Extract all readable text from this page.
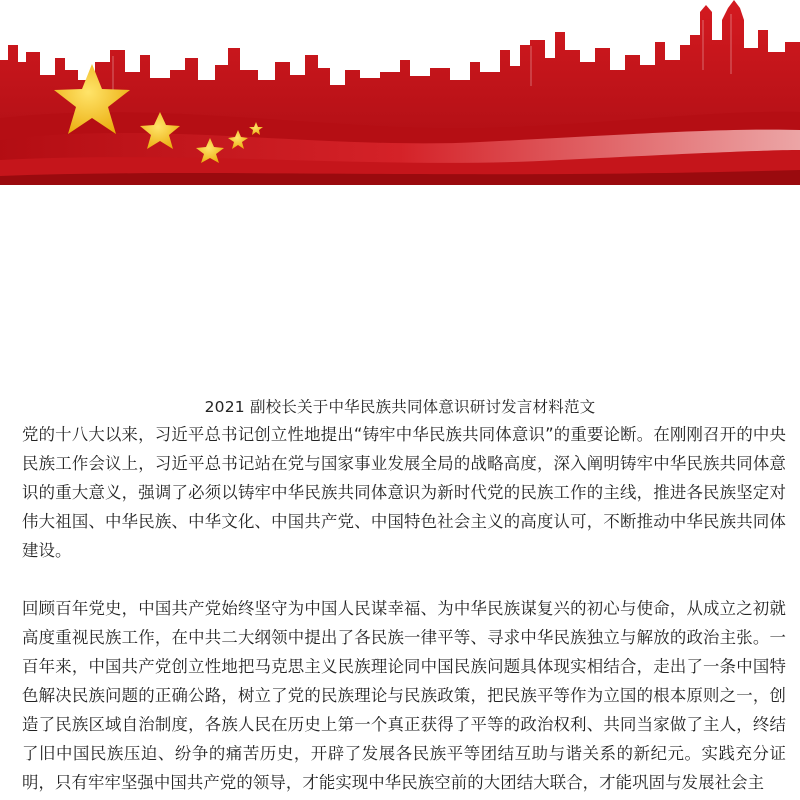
2021 副校长关于中华民族共同体意识研讨发言材料范文

党的十八大以来，习近平总书记创立性地提出“铸牢中华民族共同体意识”的重要论断。在刚刚召开的中央民族工作会议上，习近平总书记站在党与国家事业发展全局的战略高度，深入阐明铸牢中华民族共同体意识的重大意义，强调了必须以铸牢中华民族共同体意识为新时代党的民族工作的主线，推进各民族坚定对伟大祖国、中华民族、中华文化、中国共产党、中国特色社会主义的高度认可，不断推动中华民族共同体建设。

回顾百年党史，中国共产党始终坚守为中国人民谋幸福、为中华民族谋复兴的初心与使命，从成立之初就高度重视民族工作，在中共二大纲领中提出了各民族一律平等、寻求中华民族独立与解放的政治主张。一百年来，中国共产党创立性地把马克思主义民族理论同中国民族问题具体现实相结合，走出了一条中国特色解决民族问题的正确公路，树立了党的民族理论与民族政策，把民族平等作为立国的根本原则之一，创造了民族区域自治制度，各族人民在历史上第一个真正获得了平等的政治权利、共同当家做了主人，终结了旧中国民族压迫、纷争的痛苦历史，开辟了发展各民族平等团结互助与谐关系的新纪元。实践充分证明，只有牢牢坚强中国共产党的领导，才能实现中华民族空前的大团结大联合，才能巩固与发展社会主
